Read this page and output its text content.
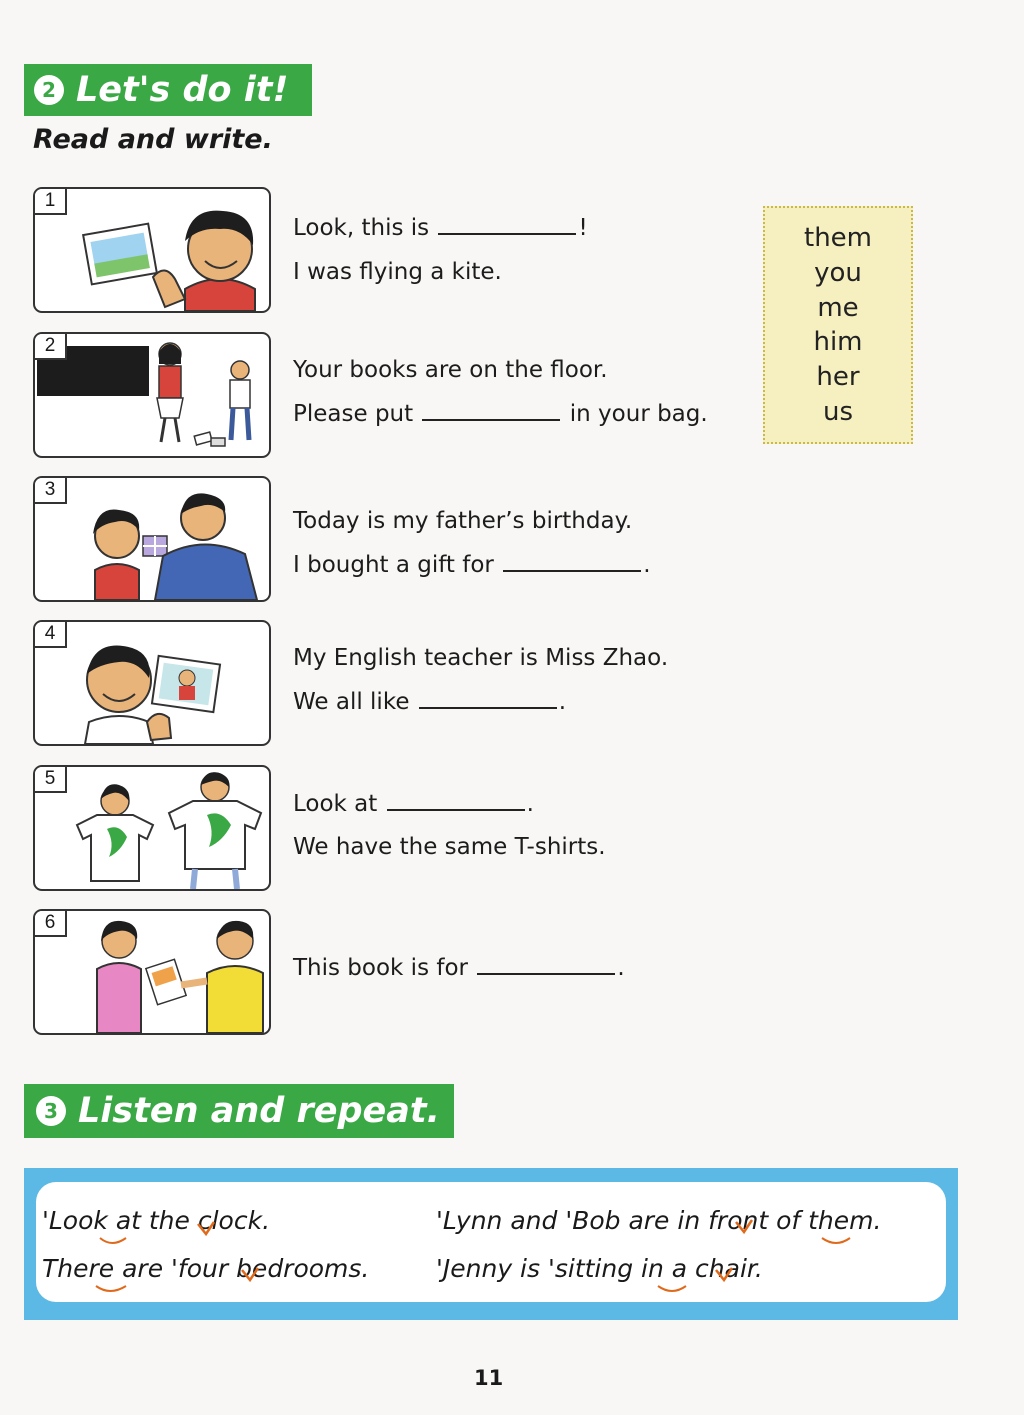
2 Let's do it!
Read and write.
1
Look, this is	!
I was flying a kite.
2
Your books are on the floor.
Please put	in your bag.
3
Today is my father’s birthday.
I bought a gift for	.
4
My English teacher is Miss Zhao.
We all like	.
5
Look at	.
We have the same T-shirts.
6
This book is for	.
them
you
me
him
her
us
3 Listen and repeat.
'Look at the clock.	'Lynn and 'Bob are in front of them.
There are 'four bedrooms.	'Jenny is 'sitting in a chair.
11
